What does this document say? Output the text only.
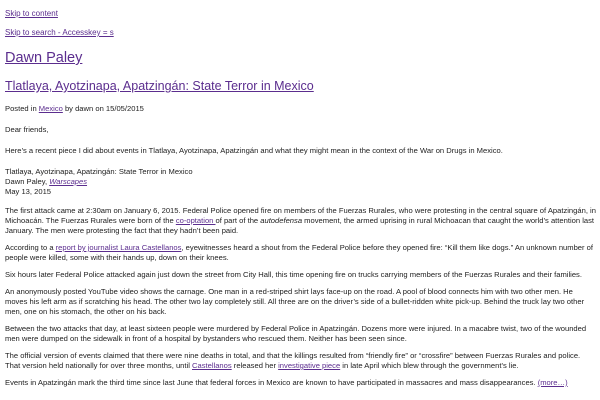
Skip to content
Skip to search - Accesskey = s
Dawn Paley
Tlatlaya, Ayotzinapa, Apatzingán: State Terror in Mexico
Posted in Mexico by dawn on 15/05/2015

Dear friends,

Here’s a recent piece I did about events in Tlatlaya, Ayotzinapa, Apatzingán and what they might mean in the context of the War on Drugs in Mexico.

Tlatlaya, Ayotzinapa, Apatzingán: State Terror in Mexico
Dawn Paley, Warscapes
May 13, 2015

The first attack came at 2:30am on January 6, 2015. Federal Police opened fire on members of the Fuerzas Rurales, who were protesting in the central square of Apatzingán, in Michoacán. The Fuerzas Rurales were born of the co-optation of part of the autodefensa movement, the armed uprising in rural Michoacan that caught the world’s attention last January. The men were protesting the fact that they hadn’t been paid.

According to a report by journalist Laura Castellanos, eyewitnesses heard a shout from the Federal Police before they opened fire: “Kill them like dogs.” An unknown number of people were killed, some with their hands up, down on their knees.

Six hours later Federal Police attacked again just down the street from City Hall, this time opening fire on trucks carrying members of the Fuerzas Rurales and their families.

An anonymously posted YouTube video shows the carnage. One man in a red-striped shirt lays face-up on the road. A pool of blood connects him with two other men. He moves his left arm as if scratching his head. The other two lay completely still. All three are on the driver’s side of a bullet-ridden white pick-up. Behind the truck lay two other men, one on his stomach, the other on his back.

Between the two attacks that day, at least sixteen people were murdered by Federal Police in Apatzingán. Dozens more were injured. In a macabre twist, two of the wounded men were dumped on the sidewalk in front of a hospital by bystanders who rescued them. Neither has been seen since.

The official version of events claimed that there were nine deaths in total, and that the killings resulted from “friendly fire” or “crossfire” between Fuerzas Rurales and police. That version held nationally for over three months, until Castellanos released her investigative piece in late April which blew through the government’s lie.

Events in Apatzingán mark the third time since last June that federal forces in Mexico are known to have participated in massacres and mass disappearances. (more…)
